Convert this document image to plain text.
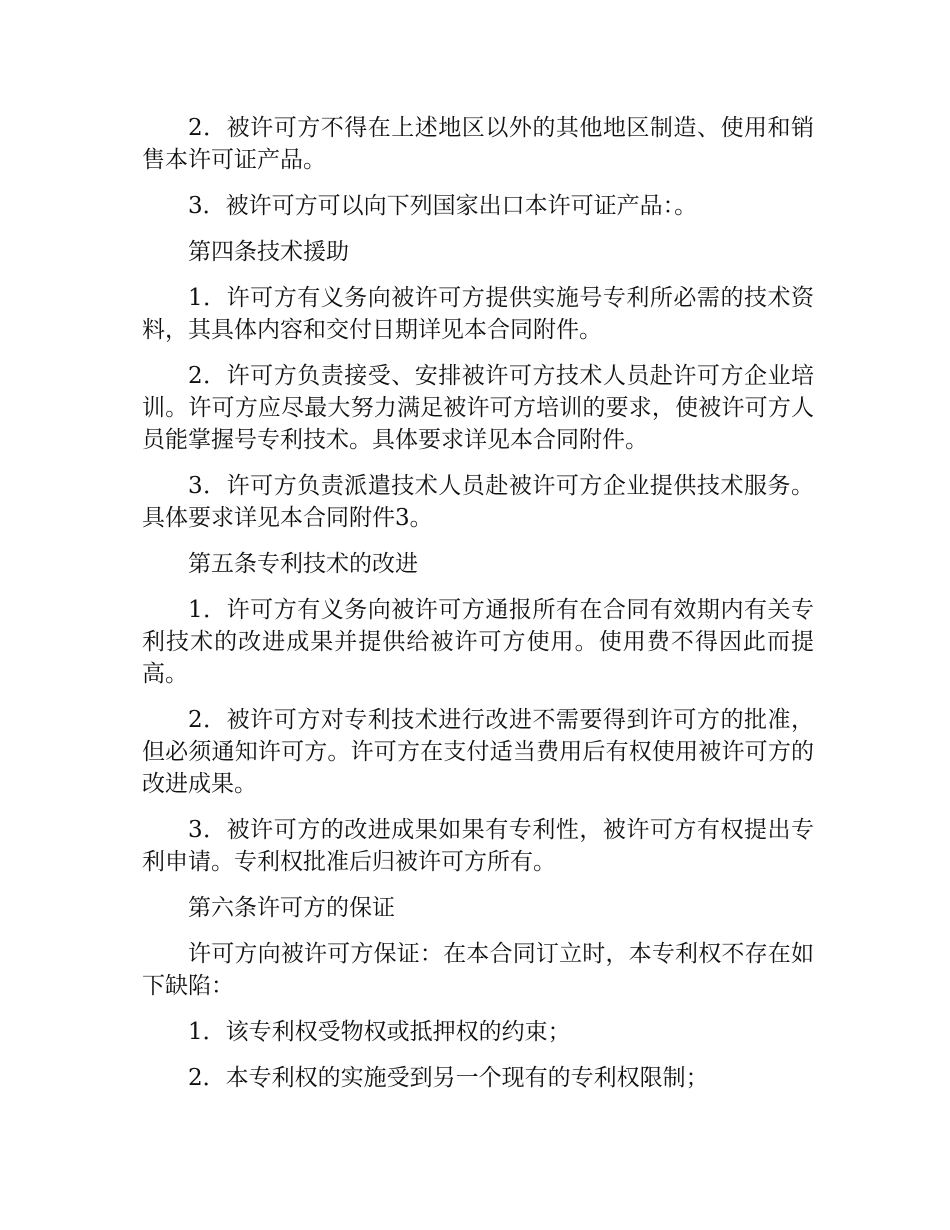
2．被许可方不得在上述地区以外的其他地区制造、使用和销售本许可证产品。

3．被许可方可以向下列国家出口本许可证产品：。

第四条技术援助

1．许可方有义务向被许可方提供实施号专利所必需的技术资料，其具体内容和交付日期详见本合同附件。

2．许可方负责接受、安排被许可方技术人员赴许可方企业培训。许可方应尽最大努力满足被许可方培训的要求，使被许可方人员能掌握号专利技术。具体要求详见本合同附件。

3．许可方负责派遣技术人员赴被许可方企业提供技术服务。具体要求详见本合同附件3。

第五条专利技术的改进

1．许可方有义务向被许可方通报所有在合同有效期内有关专利技术的改进成果并提供给被许可方使用。使用费不得因此而提高。

2．被许可方对专利技术进行改进不需要得到许可方的批准，但必须通知许可方。许可方在支付适当费用后有权使用被许可方的改进成果。

3．被许可方的改进成果如果有专利性，被许可方有权提出专利申请。专利权批准后归被许可方所有。

第六条许可方的保证

许可方向被许可方保证：在本合同订立时，本专利权不存在如下缺陷：

1．该专利权受物权或抵押权的约束；

2．本专利权的实施受到另一个现有的专利权限制；
